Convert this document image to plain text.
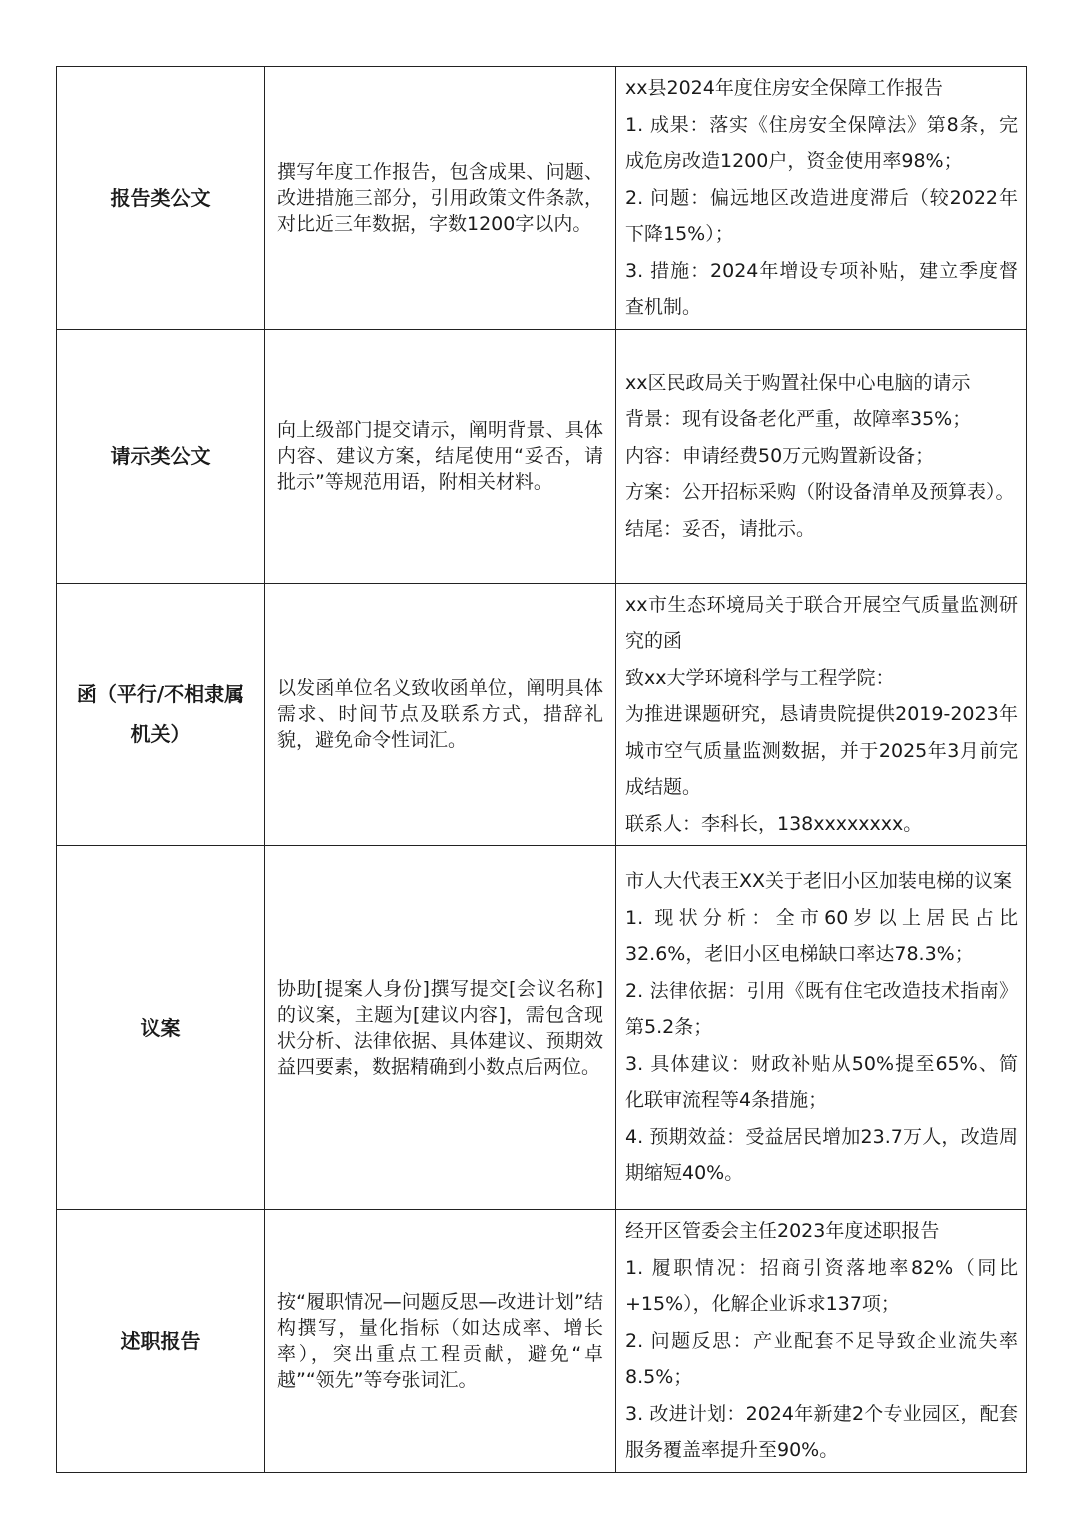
报告类公文	撰写年度工作报告，包含成果、问题、改进措施三部分，引用政策文件条款，对比近三年数据，字数1200字以内。	xx县2024年度住房安全保障工作报告
1. 成果：落实《住房安全保障法》第8条，完成危房改造1200户，资金使用率98%；
2. 问题：偏远地区改造进度滞后（较2022年下降15%）；
3. 措施：2024年增设专项补贴，建立季度督查机制。

请示类公文	向上级部门提交请示，阐明背景、具体内容、建议方案，结尾使用“妥否，请批示”等规范用语，附相关材料。	xx区民政局关于购置社保中心电脑的请示
背景：现有设备老化严重，故障率35%；
内容：申请经费50万元购置新设备；
方案：公开招标采购（附设备清单及预算表）。
结尾：妥否，请批示。

函（平行/不相隶属
机关）	以发函单位名义致收函单位，阐明具体需求、时间节点及联系方式，措辞礼貌，避免命令性词汇。	xx市生态环境局关于联合开展空气质量监测研究的函
致xx大学环境科学与工程学院：
为推进课题研究，恳请贵院提供2019-2023年城市空气质量监测数据，并于2025年3月前完成结题。
联系人：李科长，138xxxxxxxx。

议案	协助[提案人身份]撰写提交[会议名称]的议案，主题为[建议内容]，需包含现状分析、法律依据、具体建议、预期效益四要素，数据精确到小数点后两位。	市人大代表王XX关于老旧小区加装电梯的议案
1. 现状分析：全市60岁以上居民占比32.6%，老旧小区电梯缺口率达78.3%；
2. 法律依据：引用《既有住宅改造技术指南》第5.2条；
3. 具体建议：财政补贴从50%提至65%、简化联审流程等4条措施；
4. 预期效益：受益居民增加23.7万人，改造周期缩短40%。

述职报告	按“履职情况—问题反思—改进计划”结构撰写，量化指标（如达成率、增长率），突出重点工程贡献，避免“卓越”“领先”等夸张词汇。	经开区管委会主任2023年度述职报告
1. 履职情况：招商引资落地率82%（同比+15%），化解企业诉求137项；
2. 问题反思：产业配套不足导致企业流失率8.5%；
3. 改进计划：2024年新建2个专业园区，配套服务覆盖率提升至90%。
